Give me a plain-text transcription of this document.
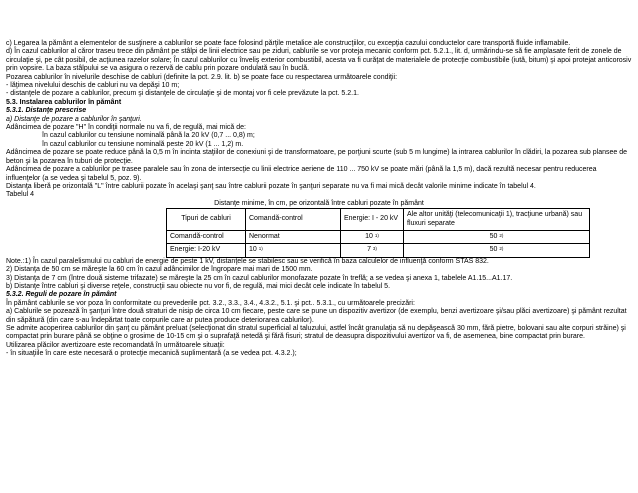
c) Legarea la pământ a elementelor de susţinere a cablurilor se poate face folosind părţile metalice ale construcţiilor, cu excepţia cazului conductelor care transportă fluide inflamabile.

d) În cazul cablurilor al căror traseu trece din pământ pe stâlpi de linii electrice sau pe ziduri, cablurile se vor proteja mecanic conform pct. 5.2.1., lit. d, urmărindu-se să fie amplasate ferit de zonele de circulaţie şi, pe cât posibil, de acţiunea razelor solare; În cazul cablurilor cu înveliş exterior combustibil, acesta va fi curăţat de materialele de protecţie combustibile (iută, bitum) şi apoi protejat anticorosiv prin vopsire. La baza stâlpului se va asigura o rezervă de cablu prin pozare ondulată sau în buclă.

Pozarea cablurilor în nivelurile deschise de cabluri (definite la pct. 2.9. lit. b) se poate face cu respectarea următoarele condiţii:

- lăţimea nivelului deschis de cabluri nu va depăşi 10 m;

- distanţele de pozare a cablurilor, precum şi distanţele de circulaţie şi de montaj vor fi cele prevăzute la pct. 5.2.1.

5.3. Instalarea cablurilor în pământ

5.3.1. Distanţe prescrise

a) Distanţe de pozare a cablurilor în şanţuri.

Adâncimea de pozare "H" în condiţii normale nu va fi, de regulă, mai mică de:

în cazul cablurilor cu tensiune nominală până la 20 kV (0,7 ... 0,8) m;

în cazul cablurilor cu tensiune nominală peste 20 kV (1 ... 1,2) m.

Adâncimea de pozare se poate reduce până la 0,5 m în incinta staţiilor de conexiuni şi de transformatoare, pe porţiuni scurte (sub 5 m lungime) la intrarea cablurilor în clădiri, la pozarea sub plansee de beton şi la pozarea în tuburi de protecţie.

Adâncimea de pozare a cablurilor pe trasee paralele sau în zona de intersecţie cu linii electrice aeriene de 110 ... 750 kV se poate mări (până la 1,5 m), dacă rezultă necesar pentru reducerea influenţelor (a se vedea şi tabelul 5, poz. 9).

Distanţa liberă pe orizontală "L" între cablurii pozate în acelaşi şanţ sau între cablurii pozate în şanţuri separate nu va fi mai mică decât valorile minime indicate în tabelul 4.

Tabelul 4

Distanţe minime, în cm, pe orizontală între cabluri pozate în pământ

Tipuri de cabluri	Comandă-control	Energie: I - 20 kV	Ale altor unităţi (telecomunicaţii 1), tracţiune urbană) sau fluxuri separate
Comandă-control	Nenormat	10 $^{1)}$	50 $^{2)}$
Energie: I-20 kV	10 $^{1)}$	7 $^{3)}$	50 $^{2)}$

Note.:1) În cazul paralelismului cu cabluri de energie de peste 1 kV, distanţele se stabilesc sau se verifică în baza calculelor de influenţă conform STAS 832.

2) Distanţa de 50 cm se măreşte la 60 cm în cazul adâncimilor de îngropare mai mari de 1500 mm.

3) Distanţa de 7 cm (între două sisteme trifazate) se măreşte la 25 cm în cazul cablurilor monofazate pozate în treflă; a se vedea şi anexa 1, tabelele A1.15...A1.17.

b) Distanţe între cabluri şi diverse reţele, construcţii sau obiecte nu vor fi, de regulă, mai mici decât cele indicate în tabelul 5.

5.3.2. Reguli de pozare în pământ

În pământ cablurile se vor poza în conformitate cu prevederile pct. 3.2., 3.3., 3.4., 4.3.2., 5.1. şi pct.. 5.3.1., cu următoarele precizări:

a) Cablurile se pozează în şanţuri între două straturi de nisip de circa 10 cm fiecare, peste care se pune un dispozitiv avertizor (de exemplu, benzi avertizoare şi/sau plăci avertizoare) şi pământ rezultat din săpătură (din care s-au îndepărtat toate corpurile care ar putea produce deteriorarea cablurilor).

Se admite acoperirea cablurilor din şanţ cu pământ preluat (selecţionat din stratul superficial al taluzului, astfel încât granulaţia să nu depăşească 30 mm, fără pietre, bolovani sau alte corpuri străine) şi compactat prin burare până se obţine o grosime de 10-15 cm şi o suprafaţă netedă şi fără fisuri; stratul de deasupra dispozitivului avertizor va fi, de asemenea, bine compactat prin burare.

Utilizarea plăcilor avertizoare este recomandată în următoarele situaţii:

- în situaţiile în care este necesară o protecţie mecanică suplimentară (a se vedea pct. 4.3.2.);
